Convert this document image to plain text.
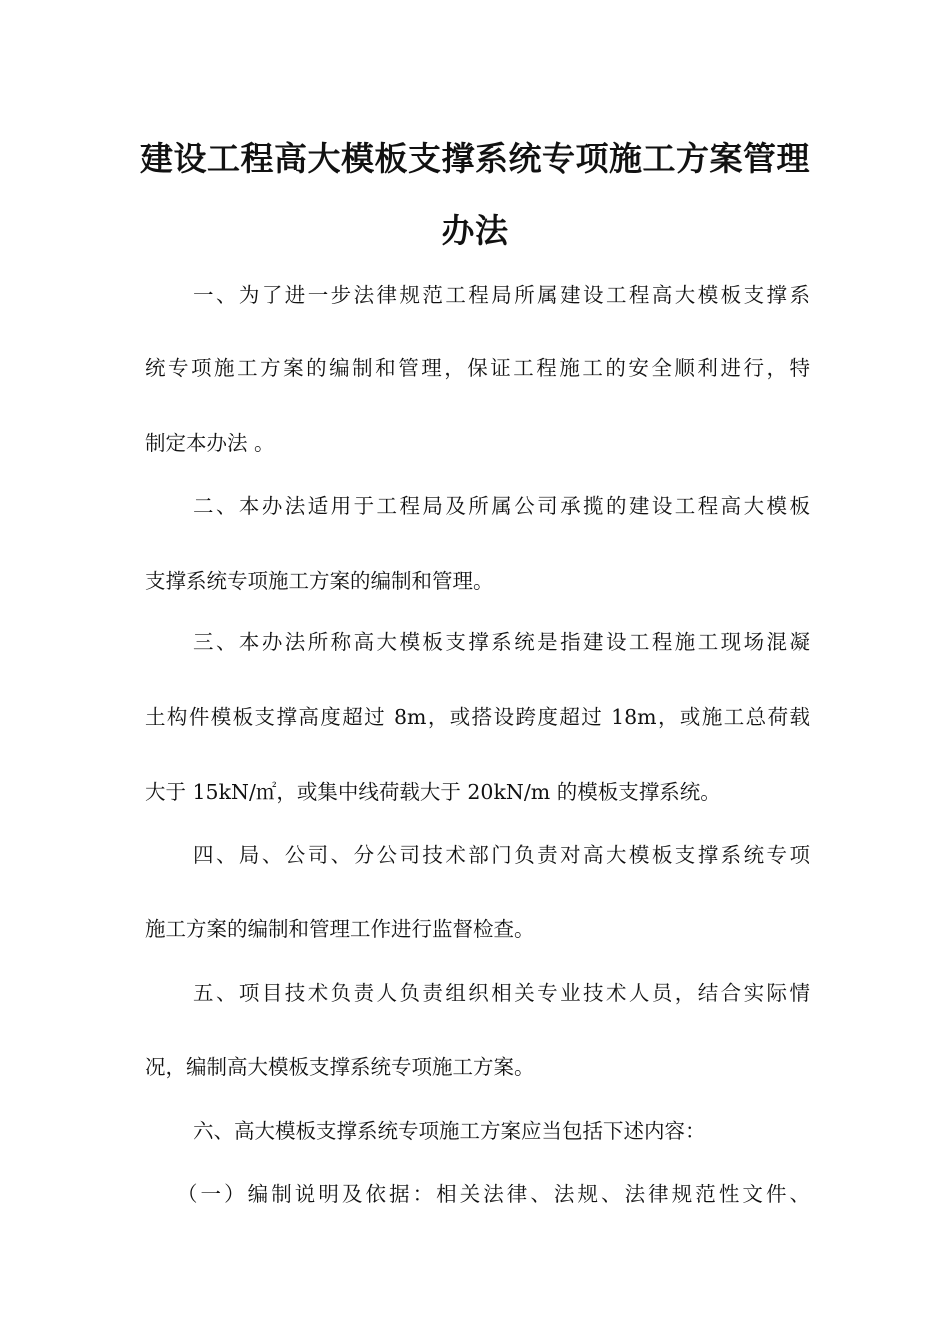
建设工程高大模板支撑系统专项施工方案管理
办法
一、为了进一步法律规范工程局所属建设工程高大模板支撑系
统专项施工方案的编制和管理，保证工程施工的安全顺利进行，特
制定本办法 。
二、本办法适用于工程局及所属公司承揽的建设工程高大模板
支撑系统专项施工方案的编制和管理。
三、本办法所称高大模板支撑系统是指建设工程施工现场混凝
土构件模板支撑高度超过 8m，或搭设跨度超过 18m，或施工总荷载
大于 15kN/㎡，或集中线荷载大于 20kN/m 的模板支撑系统。
四、局、公司、分公司技术部门负责对高大模板支撑系统专项
施工方案的编制和管理工作进行监督检查。
五、项目技术负责人负责组织相关专业技术人员，结合实际情
况，编制高大模板支撑系统专项施工方案。
六、高大模板支撑系统专项施工方案应当包括下述内容：
（一）编制说明及依据：相关法律、法规、法律规范性文件、
